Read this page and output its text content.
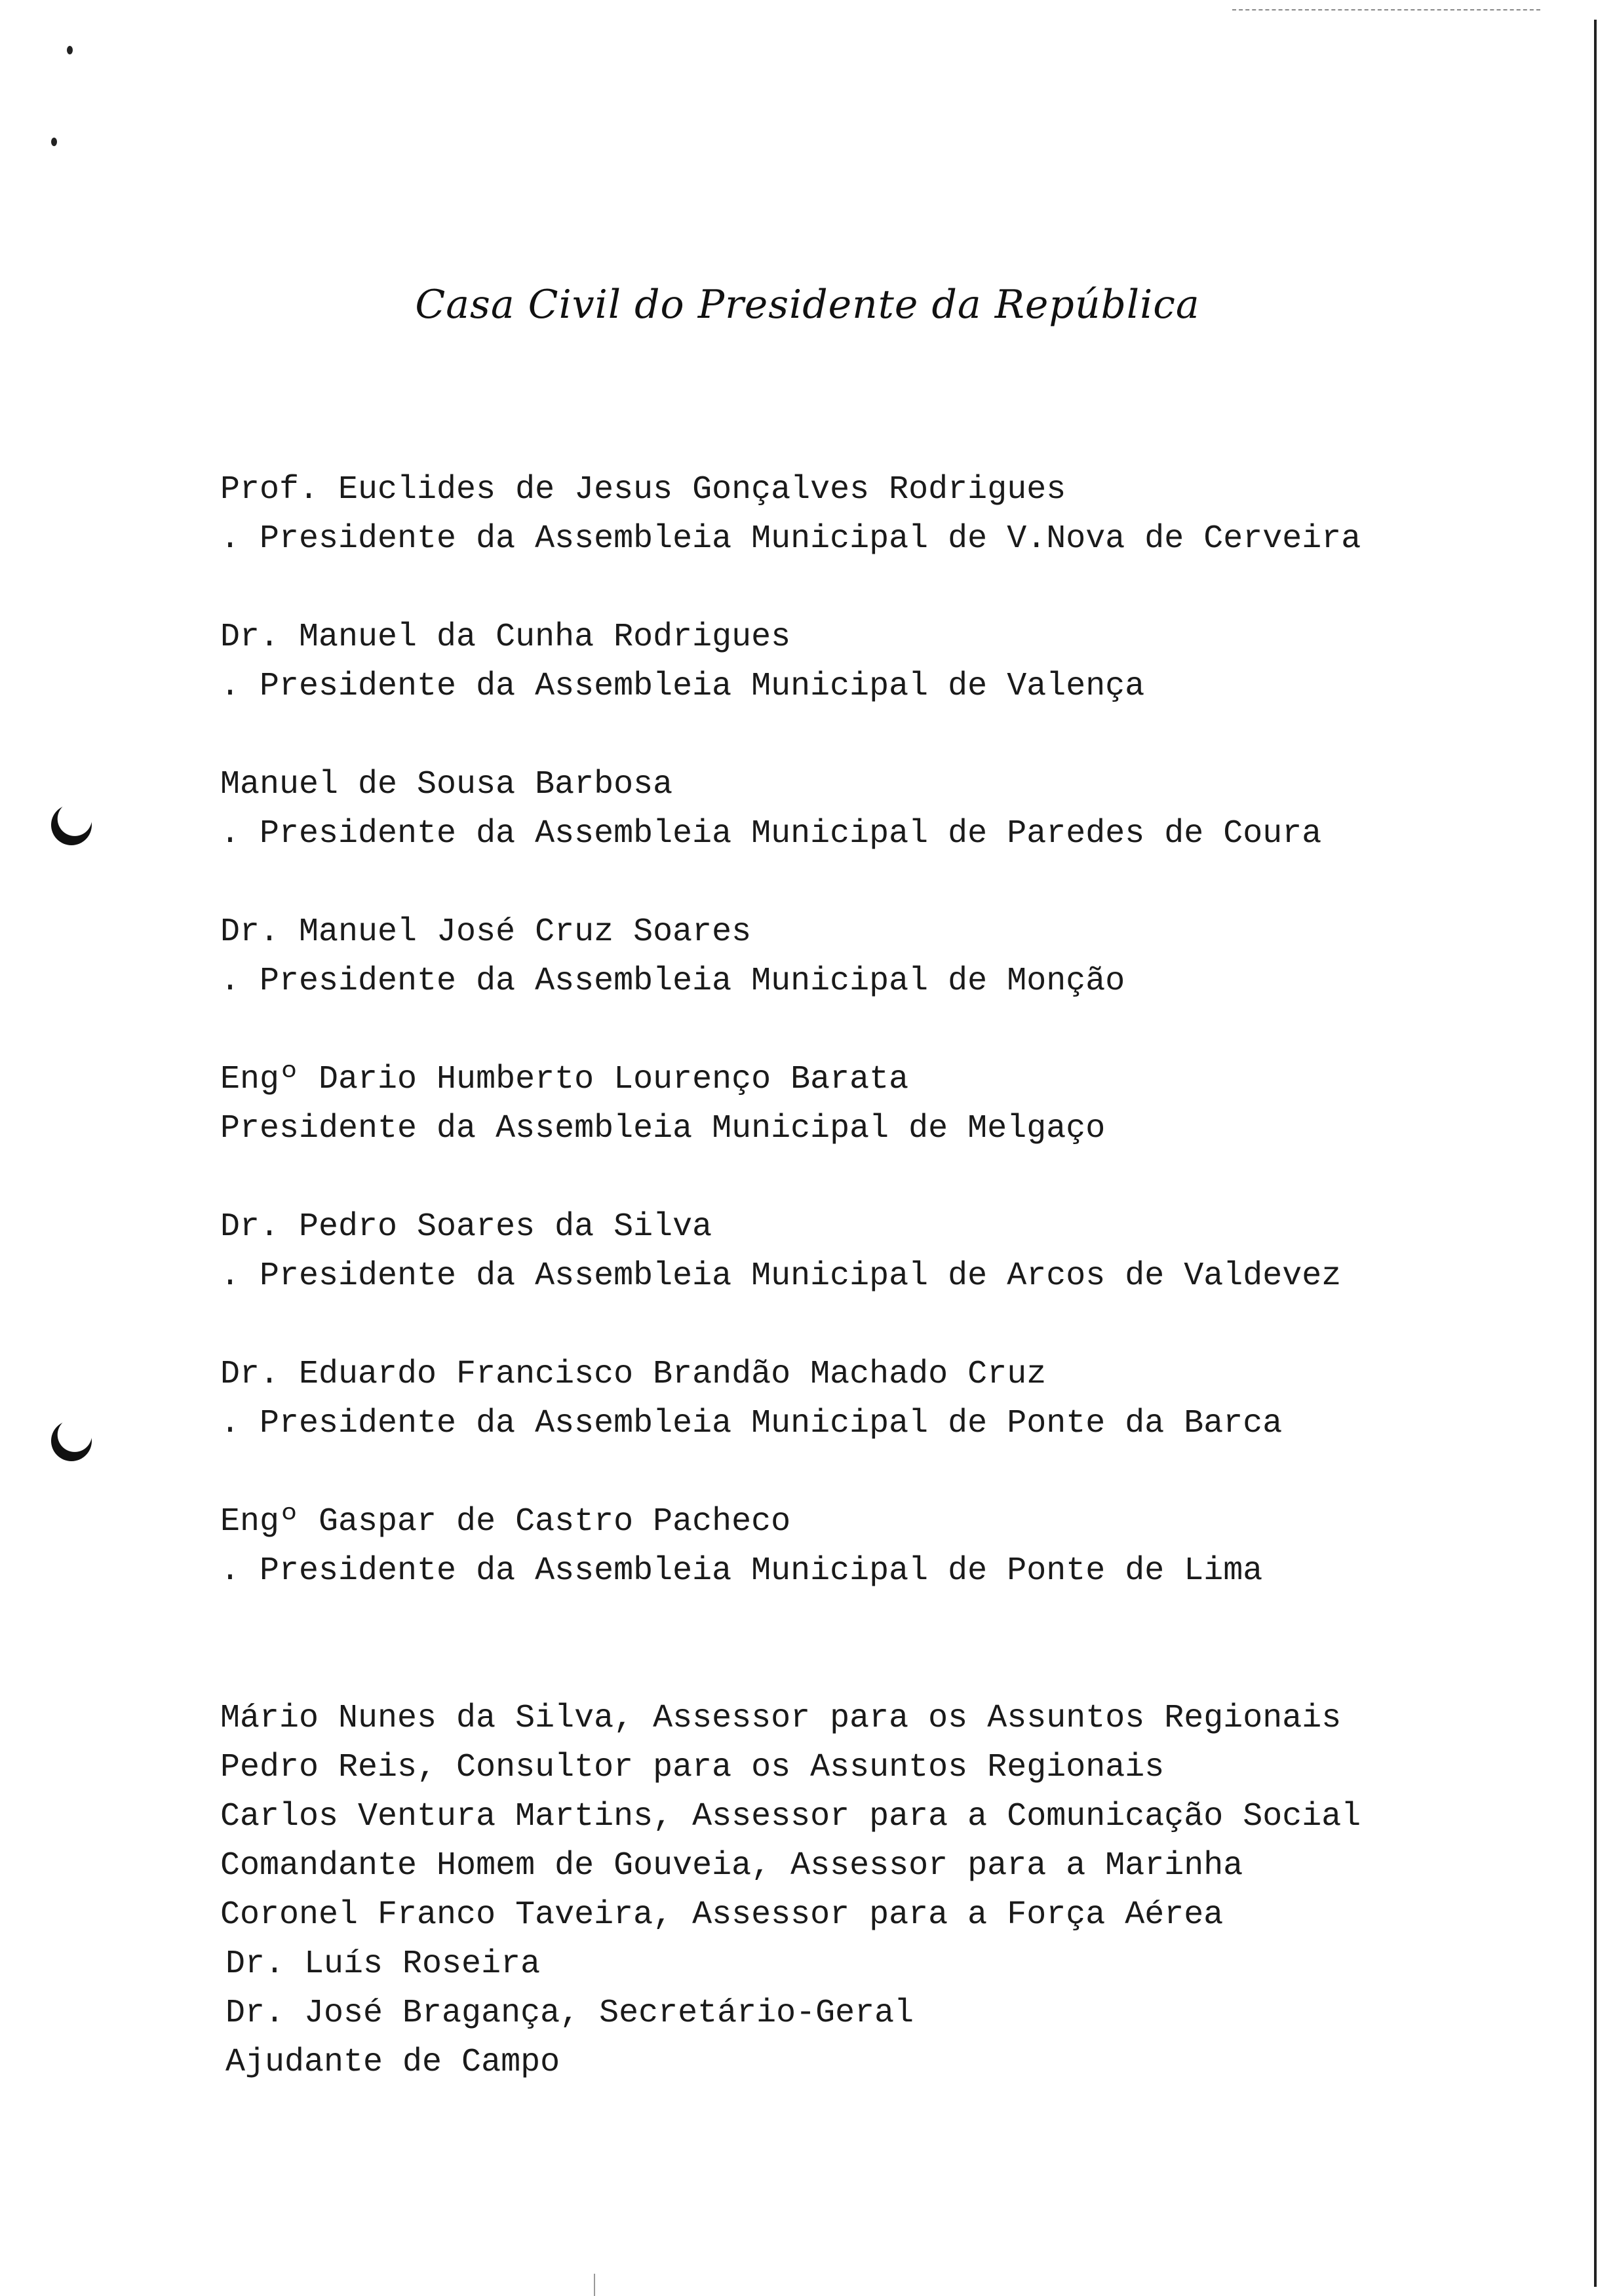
Casa Civil do Presidente da República
Prof. Euclides de Jesus Gonçalves Rodrigues
. Presidente da Assembleia Municipal de V.Nova de Cerveira
Dr. Manuel da Cunha Rodrigues
. Presidente da Assembleia Municipal de Valença
Manuel de Sousa Barbosa
. Presidente da Assembleia Municipal de Paredes de Coura
Dr. Manuel José Cruz Soares
. Presidente da Assembleia Municipal de Monção
Engº Dario Humberto Lourenço Barata
Presidente da Assembleia Municipal de Melgaço
Dr. Pedro Soares da Silva
. Presidente da Assembleia Municipal de Arcos de Valdevez
Dr. Eduardo Francisco Brandão Machado Cruz
. Presidente da Assembleia Municipal de Ponte da Barca
Engº Gaspar de Castro Pacheco
. Presidente da Assembleia Municipal de Ponte de Lima
Mário Nunes da Silva, Assessor para os Assuntos Regionais
Pedro Reis, Consultor para os Assuntos Regionais
Carlos Ventura Martins, Assessor para a Comunicação Social
Comandante Homem de Gouveia, Assessor para a Marinha
Coronel Franco Taveira, Assessor para a Força Aérea
Dr. Luís Roseira
Dr. José Bragança, Secretário-Geral
Ajudante de Campo
